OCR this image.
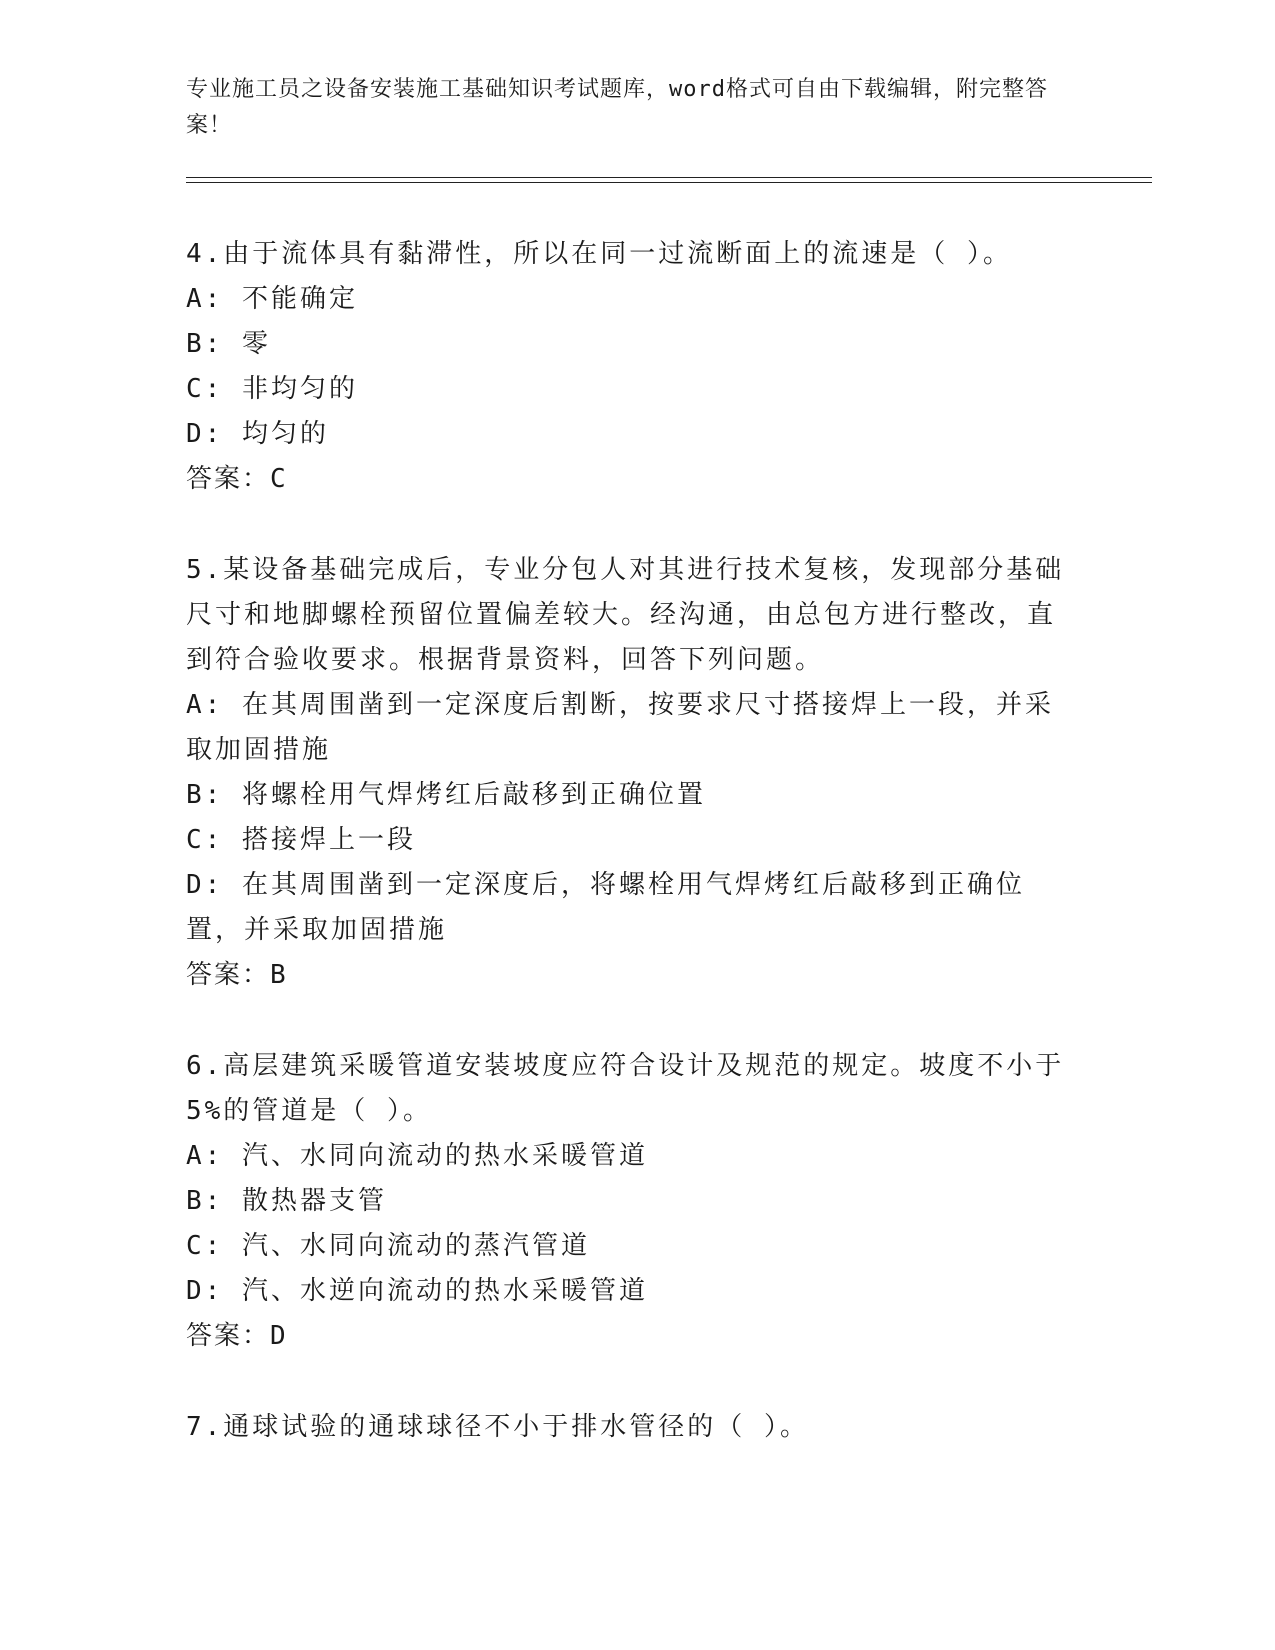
专业施工员之设备安装施工基础知识考试题库，word格式可自由下载编辑，附完整答案！
4.由于流体具有黏滞性，所以在同一过流断面上的流速是（ ）。
A: 不能确定
B: 零
C: 非均匀的
D: 均匀的
答案：C
5.某设备基础完成后，专业分包人对其进行技术复核，发现部分基础尺寸和地脚螺栓预留位置偏差较大。经沟通，由总包方进行整改，直到符合验收要求。根据背景资料，回答下列问题。
A: 在其周围凿到一定深度后割断，按要求尺寸搭接焊上一段，并采取加固措施
B: 将螺栓用气焊烤红后敲移到正确位置
C: 搭接焊上一段
D: 在其周围凿到一定深度后，将螺栓用气焊烤红后敲移到正确位置，并采取加固措施
答案：B
6.高层建筑采暖管道安装坡度应符合设计及规范的规定。坡度不小于5%的管道是（ ）。
A: 汽、水同向流动的热水采暖管道
B: 散热器支管
C: 汽、水同向流动的蒸汽管道
D: 汽、水逆向流动的热水采暖管道
答案：D
7.通球试验的通球球径不小于排水管径的（ ）。
